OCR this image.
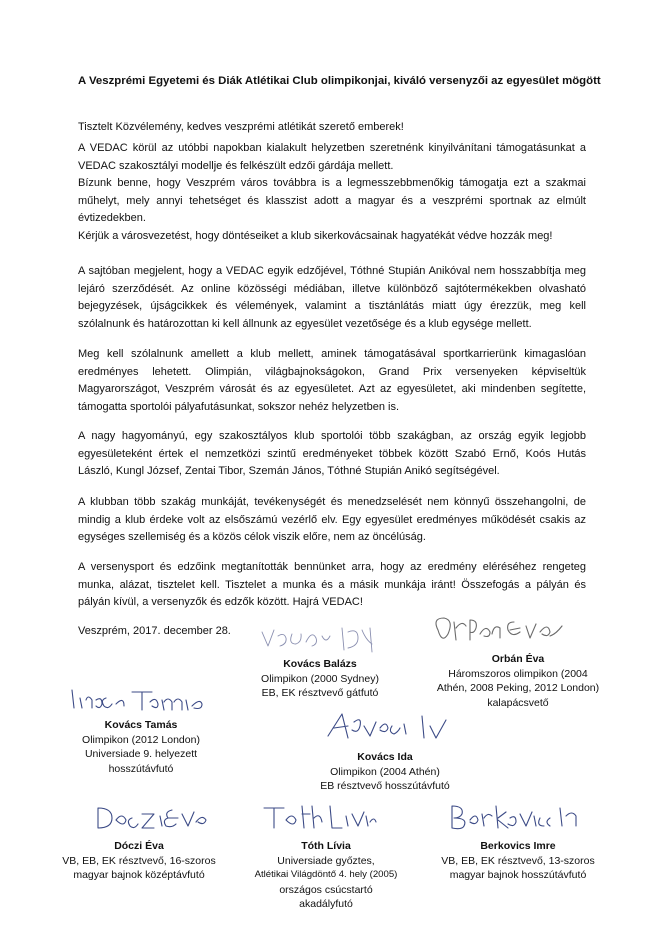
A Veszprémi Egyetemi és Diák Atlétikai Club olimpikonjai, kiváló versenyzői az egyesület mögött
Tisztelt Közvélemény, kedves veszprémi atlétikát szerető emberek!
A VEDAC körül az utóbbi napokban kialakult helyzetben szeretnénk kinyilvánítani támogatásunkat a
VEDAC szakosztályi modellje és felkészült edzői gárdája mellett.
Bízunk benne, hogy Veszprém város továbbra is a legmesszebbmenőkig támogatja ezt a szakmai
műhelyt, mely annyi tehetséget és klasszist adott a magyar és a veszprémi sportnak az elmúlt
évtizedekben.
Kérjük a városvezetést, hogy döntéseiket a klub sikerkovácsainak hagyatékát védve hozzák meg!
A sajtóban megjelent, hogy a VEDAC egyik edzőjével, Tóthné Stupián Anikóval nem hosszabbítja meg
lejáró szerződését. Az online közösségi médiában, illetve különböző sajtótermékekben olvasható
bejegyzések, újságcikkek és vélemények, valamint a tisztánlátás miatt úgy érezzük, meg kell
szólalnunk és határozottan ki kell állnunk az egyesület vezetősége és a klub egysége mellett.
Meg kell szólalnunk amellett a klub mellett, aminek támogatásával sportkarrierünk kimagaslóan
eredményes lehetett. Olimpián, világbajnokságokon, Grand Prix versenyeken képviseltük
Magyarországot, Veszprém városát és az egyesületet. Azt az egyesületet, aki mindenben segítette,
támogatta sportolói pályafutásunkat, sokszor nehéz helyzetben is.
A nagy hagyományú, egy szakosztályos klub sportolói több szakágban, az ország egyik legjobb
egyesületeként értek el nemzetközi szintű eredményeket többek között Szabó Ernő, Koós Hutás
László, Kungl József, Zentai Tibor, Szemán János, Tóthné Stupián Anikó segítségével.
A klubban több szakág munkáját, tevékenységét és menedzselését nem könnyű összehangolni, de
mindig a klub érdeke volt az elsőszámú vezérlő elv. Egy egyesület eredményes működését csakis az
egységes szellemiség és a közös célok viszik előre, nem az öncélúság.
A versenysport és edzőink megtanították bennünket arra, hogy az eredmény eléréséhez rengeteg
munka, alázat, tisztelet kell. Tisztelet a munka és a másik munkája iránt! Összefogás a pályán és
pályán kívül, a versenyzők és edzők között. Hajrá VEDAC!
Veszprém, 2017. december 28.
Kovács Balázs
Olimpikon (2000 Sydney)
EB, EK résztvevő gátfutó
Orbán Éva
Háromszoros olimpikon (2004
Athén, 2008 Peking, 2012 London)
kalapácsvető
Kovács Tamás
Olimpikon (2012 London)
Universiade 9. helyezett
hosszútávfutó
Kovács Ida
Olimpikon (2004 Athén)
EB résztvevő hosszútávfutó
Dóczi Éva
VB, EB, EK résztvevő, 16-szoros
magyar bajnok középtávfutó
Tóth Lívia
Universiade győztes,
Atlétikai Világdöntő 4. hely (2005)
országos csúcstartó
akadályfutó
Berkovics Imre
VB, EB, EK résztvevő, 13-szoros
magyar bajnok hosszútávfutó
